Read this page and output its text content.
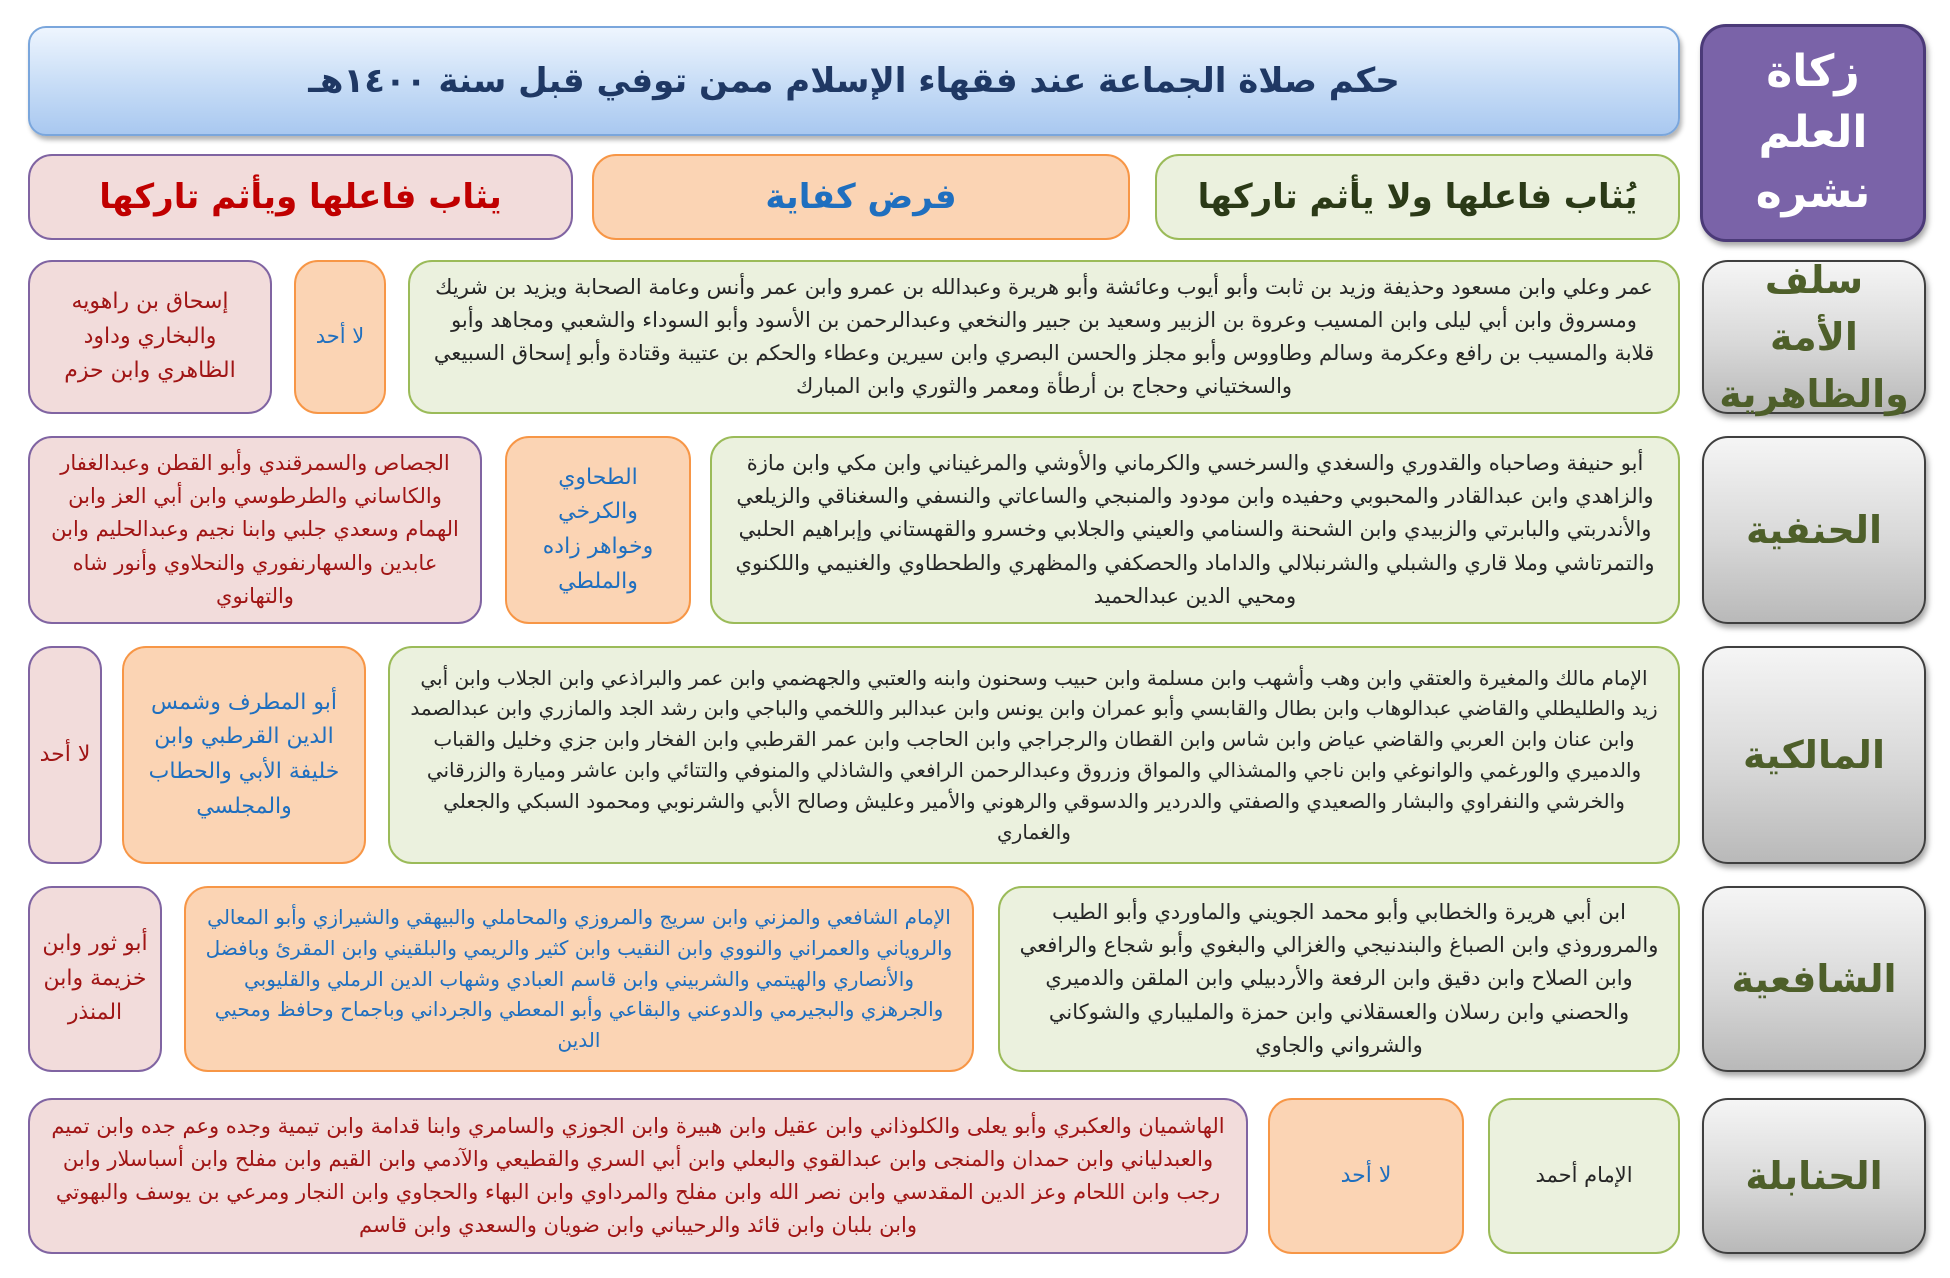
حكم صلاة الجماعة عند فقهاء الإسلام ممن توفي قبل سنة ١٤٠٠هـ	زكاة
العلم
نشره
يُثاب فاعلها ولا يأثم تاركها
فرض كفاية
يثاب فاعلها ويأثم تاركها
سلف الأمة
والظاهرية
عمر وعلي وابن مسعود وحذيفة وزيد بن ثابت وأبو أيوب وعائشة وأبو هريرة وعبدالله بن عمرو وابن عمر وأنس وعامة الصحابة ويزيد بن شريك ومسروق وابن أبي ليلى وابن المسيب وعروة بن الزبير وسعيد بن جبير والنخعي وعبدالرحمن بن الأسود وأبو السوداء والشعبي ومجاهد وأبو قلابة والمسيب بن رافع وعكرمة وسالم وطاووس وأبو مجلز والحسن البصري وابن سيرين وعطاء والحكم بن عتيبة وقتادة وأبو إسحاق السبيعي والسختياني وحجاج بن أرطأة ومعمر والثوري وابن المبارك
لا أحد
إسحاق بن راهويه والبخاري وداود الظاهري وابن حزم
الحنفية
أبو حنيفة وصاحباه والقدوري والسغدي والسرخسي والكرماني والأوشي والمرغيناني وابن مكي وابن مازة والزاهدي وابن عبدالقادر والمحبوبي وحفيده وابن مودود والمنبجي والساعاتي والنسفي والسغناقي والزيلعي والأندربتي والبابرتي والزبيدي وابن الشحنة والسنامي والعيني والجلابي وخسرو والقهستاني وإبراهيم الحلبي والتمرتاشي وملا قاري والشبلي والشرنبلالي والداماد والحصكفي والمظهري والطحطاوي والغنيمي واللكنوي ومحيي الدين عبدالحميد
الطحاوي والكرخي وخواهر زاده والملطي
الجصاص والسمرقندي وأبو القطن وعبدالغفار والكاساني والطرطوسي وابن أبي العز وابن الهمام وسعدي جلبي وابنا نجيم وعبدالحليم وابن عابدين والسهارنفوري والنحلاوي وأنور شاه والتهانوي
المالكية
الإمام مالك والمغيرة والعتقي وابن وهب وأشهب وابن مسلمة وابن حبيب وسحنون وابنه والعتبي والجهضمي وابن عمر والبراذعي وابن الجلاب وابن أبي زيد والطليطلي والقاضي عبدالوهاب وابن بطال والقابسي وأبو عمران وابن يونس وابن عبدالبر واللخمي والباجي وابن رشد الجد والمازري وابن عبدالصمد وابن عنان وابن العربي والقاضي عياض وابن شاس وابن القطان والرجراجي وابن الحاجب وابن عمر القرطبي وابن الفخار وابن جزي وخليل والقباب والدميري والورغمي والوانوغي وابن ناجي والمشذالي والمواق وزروق وعبدالرحمن الرافعي والشاذلي والمنوفي والتتائي وابن عاشر وميارة والزرقاني والخرشي والنفراوي والبشار والصعيدي والصفتي والدردير والدسوقي والرهوني والأمير وعليش وصالح الأبي والشرنوبي ومحمود السبكي والجعلي والغماري
أبو المطرف وشمس الدين القرطبي وابن خليفة الأبي والحطاب والمجلسي
لا أحد
الشافعية
ابن أبي هريرة والخطابي وأبو محمد الجويني والماوردي وأبو الطيب والمروروذي وابن الصباغ والبندنيجي والغزالي والبغوي وأبو شجاع والرافعي وابن الصلاح وابن دقيق وابن الرفعة والأردبيلي وابن الملقن والدميري والحصني وابن رسلان والعسقلاني وابن حمزة والمليباري والشوكاني والشرواني والجاوي
الإمام الشافعي والمزني وابن سريج والمروزي والمحاملي والبيهقي والشيرازي وأبو المعالي والروياني والعمراني والنووي وابن النقيب وابن كثير والريمي والبلقيني وابن المقرئ وبافضل والأنصاري والهيتمي والشربيني وابن قاسم العبادي وشهاب الدين الرملي والقليوبي والجرهزي والبجيرمي والدوعني والبقاعي وأبو المعطي والجرداني وباجماح وحافظ ومحيي الدين
أبو ثور وابن خزيمة وابن المنذر
الحنابلة
الإمام أحمد
لا أحد
الهاشميان والعكبري وأبو يعلى والكلوذاني وابن عقيل وابن هبيرة وابن الجوزي والسامري وابنا قدامة وابن تيمية وجده وعم جده وابن تميم والعبدلياني وابن حمدان والمنجى وابن عبدالقوي والبعلي وابن أبي السري والقطيعي والآدمي وابن القيم وابن مفلح وابن أسباسلار وابن رجب وابن اللحام وعز الدين المقدسي وابن نصر الله وابن مفلح والمرداوي وابن البهاء والحجاوي وابن النجار ومرعي بن يوسف والبهوتي وابن بلبان وابن قائد والرحيباني وابن ضويان والسعدي وابن قاسم
